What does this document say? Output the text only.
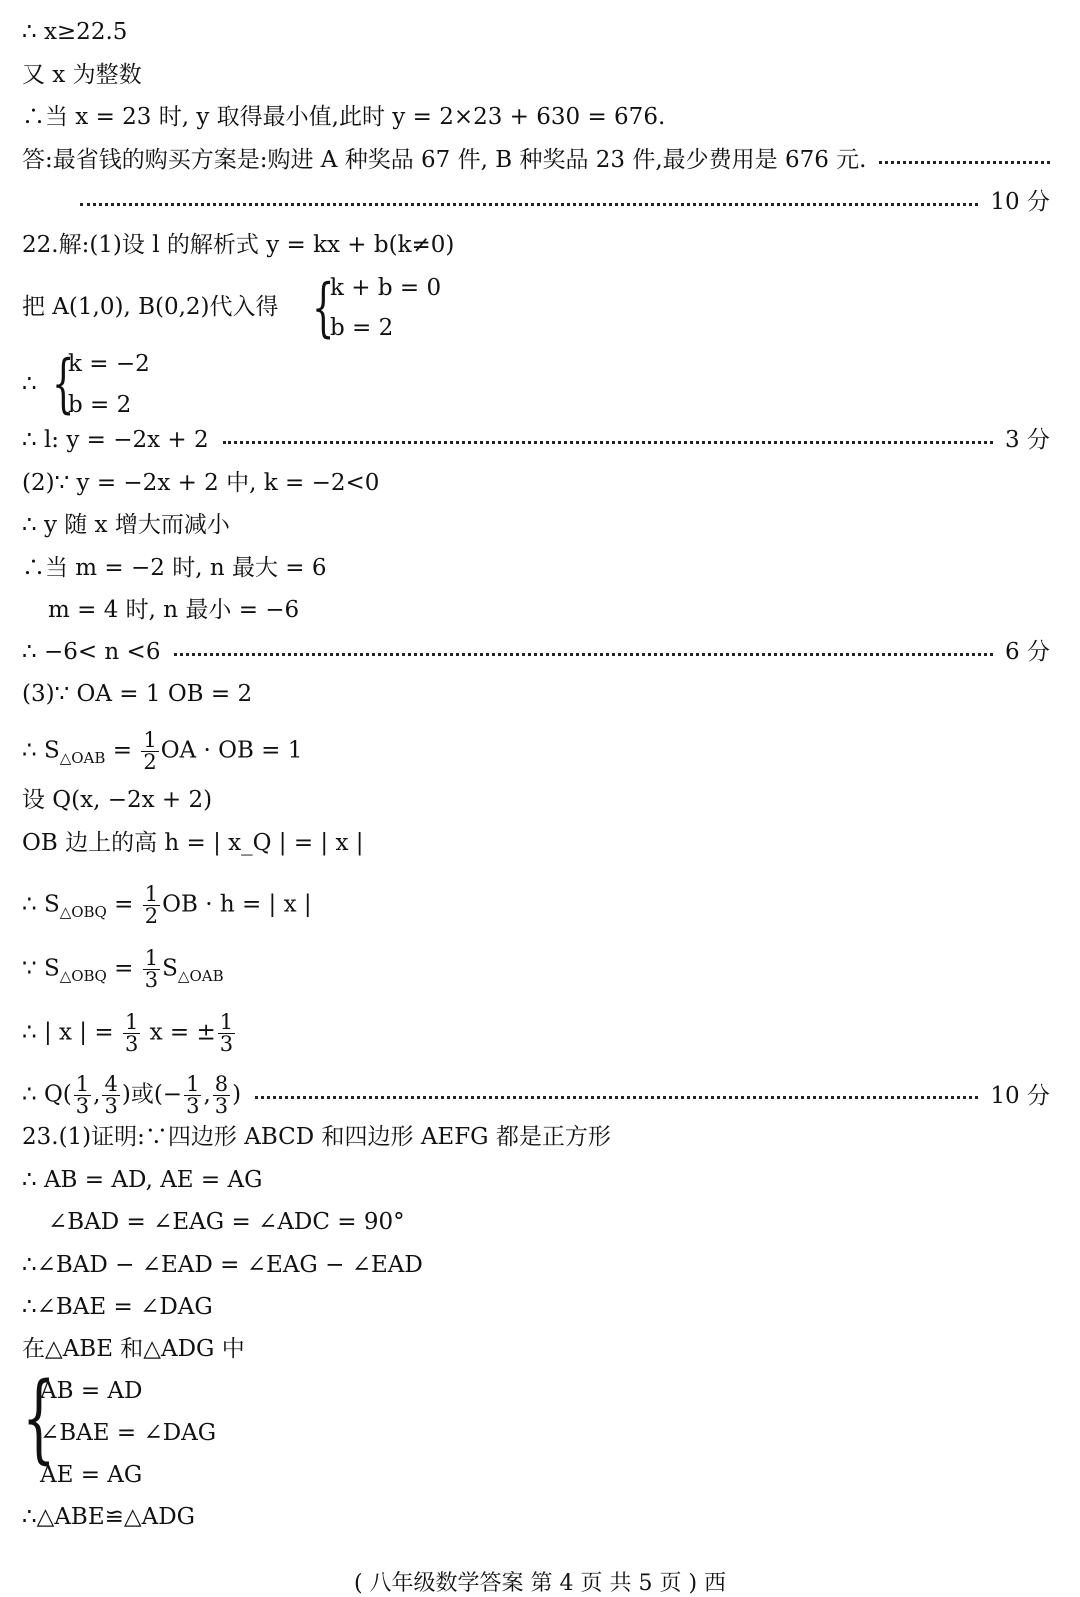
∴ x≥22.5
又 x 为整数
∴当 x = 23 时, y 取得最小值,此时 y = 2×23 + 630 = 676.
答:最省钱的购买方案是:购进 A 种奖品 67 件, B 种奖品 23 件,最少费用是 676 元.
10 分
22.解:(1)设 l 的解析式 y = kx + b(k≠0)
把 A(1,0), B(0,2)代入得 {
k + b = 0
b = 2
∴ {
k = −2
b = 2
∴ l: y = −2x + 2	3 分
(2)∵ y = −2x + 2 中, k = −2<0
∴ y 随 x 增大而减小
∴当 m = −2 时, n 最大 = 6
m = 4 时, n 最小 = −6
∴ −6< n <6	6 分
(3)∵ OA = 1 OB = 2
∴ $S_{\triangle OAB} = \frac{1}{2}$ OA · OB = 1
设 Q(x, −2x + 2)
OB 边上的高 h = | x_Q | = | x |
∴ $S_{\triangle OBQ} = \frac{1}{2}$ OB · h = | x |
∵ $S_{\triangle OBQ} = \frac{1}{3} S_{\triangle OAB}$
∴ | x | = $\frac{1}{3}$ x = ± $\frac{1}{3}$
∴ $Q( \frac{1}{3}$ , $\frac{4}{3}$ )或(− $\frac{1}{3}$ , $\frac{8}{3}$ )	10 分
23.(1)证明:∵四边形 ABCD 和四边形 AEFG 都是正方形
∴ AB = AD, AE = AG
∠BAD = ∠EAG = ∠ADC = 90°
∴∠BAD − ∠EAD = ∠EAG − ∠EAD
∴∠BAE = ∠DAG
在△ABE 和△ADG 中
{
AB = AD
∠BAE = ∠DAG
AE = AG
∴△ABE≌△ADG
( 八年级数学答案 第 4 页 共 5 页 ) 西
